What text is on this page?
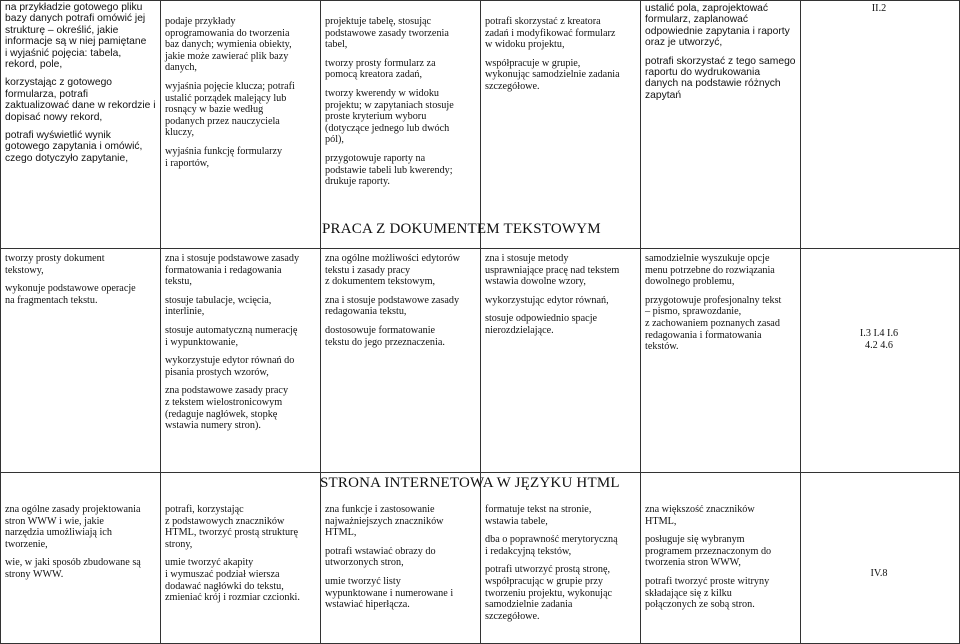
na przykładzie gotowego pliku
bazy danych potrafi omówić jej
strukturę – określić, jakie
informacje są w niej pamiętane
i wyjaśnić pojęcia: tabela,
rekord, pole,

korzystając z gotowego
formularza, potrafi
zaktualizować dane w rekordzie i
dopisać nowy rekord,

potrafi wyświetlić wynik
gotowego zapytania i omówić,
czego dotyczyło zapytanie,

podaje przykłady
oprogramowania do tworzenia
baz danych; wymienia obiekty,
jakie może zawierać plik bazy
danych,

wyjaśnia pojęcie klucza; potrafi
ustalić porządek malejący lub
rosnący w bazie według
podanych przez nauczyciela
kluczy,

wyjaśnia funkcję formularzy
i raportów,

projektuje tabelę, stosując
podstawowe zasady tworzenia
tabel,

tworzy prosty formularz za
pomocą kreatora zadań,

tworzy kwerendy w widoku
projektu; w zapytaniach stosuje
proste kryterium wyboru
(dotyczące jednego lub dwóch
pól),

przygotowuje raporty na
podstawie tabeli lub kwerendy;
drukuje raporty.

potrafi skorzystać z kreatora
zadań i modyfikować formularz
w widoku projektu,

współpracuje w grupie,
wykonując samodzielnie zadania
szczegółowe.

ustalić pola, zaprojektować
formularz, zaplanować
odpowiednie zapytania i raporty
oraz je utworzyć,

potrafi skorzystać z tego samego
raportu do wydrukowania
danych na podstawie różnych
zapytań

II.2
PRACA Z DOKUMENTEM TEKSTOWYM

tworzy prosty dokument
tekstowy,

wykonuje podstawowe operacje
na fragmentach tekstu.

zna i stosuje podstawowe zasady
formatowania i redagowania
tekstu,

stosuje tabulacje, wcięcia,
interlinie,

stosuje automatyczną numerację
i wypunktowanie,

wykorzystuje edytor równań do
pisania prostych wzorów,

zna podstawowe zasady pracy
z tekstem wielostronicowym
(redaguje nagłówek, stopkę
wstawia numery stron).

zna ogólne możliwości edytorów
tekstu i zasady pracy
z dokumentem tekstowym,

zna i stosuje podstawowe zasady
redagowania tekstu,

dostosowuje formatowanie
tekstu do jego przeznaczenia.

zna i stosuje metody
usprawniające pracę nad tekstem
wstawia dowolne wzory,

wykorzystując edytor równań,

stosuje odpowiednio spacje
nierozdzielające.

samodzielnie wyszukuje opcje
menu potrzebne do rozwiązania
dowolnego problemu,

przygotowuje profesjonalny tekst
– pismo, sprawozdanie,
z zachowaniem poznanych zasad
redagowania i formatowania
tekstów.

I.3 I.4 I.6 4.2 4.6
STRONA INTERNETOWA W JĘZYKU HTML

zna ogólne zasady projektowania
stron WWW i wie, jakie
narzędzia umożliwiają ich
tworzenie,

wie, w jaki sposób zbudowane są
strony WWW.

potrafi, korzystając
z podstawowych znaczników
HTML, tworzyć prostą strukturę
strony,

umie tworzyć akapity
i wymuszać podział wiersza
dodawać nagłówki do tekstu,
zmieniać krój i rozmiar czcionki.

zna funkcje i zastosowanie
najważniejszych znaczników
HTML,

potrafi wstawiać obrazy do
utworzonych stron,

umie tworzyć listy
wypunktowane i numerowane i
wstawiać hiperłącza.

formatuje tekst na stronie,
wstawia tabele,

dba o poprawność merytoryczną
i redakcyjną tekstów,

potrafi utworzyć prostą stronę,
współpracując w grupie przy
tworzeniu projektu, wykonując
samodzielnie zadania
szczegółowe.

zna większość znaczników
HTML,

posługuje się wybranym
programem przeznaczonym do
tworzenia stron WWW,

potrafi tworzyć proste witryny
składające się z kilku
połączonych ze sobą stron.

IV.8
